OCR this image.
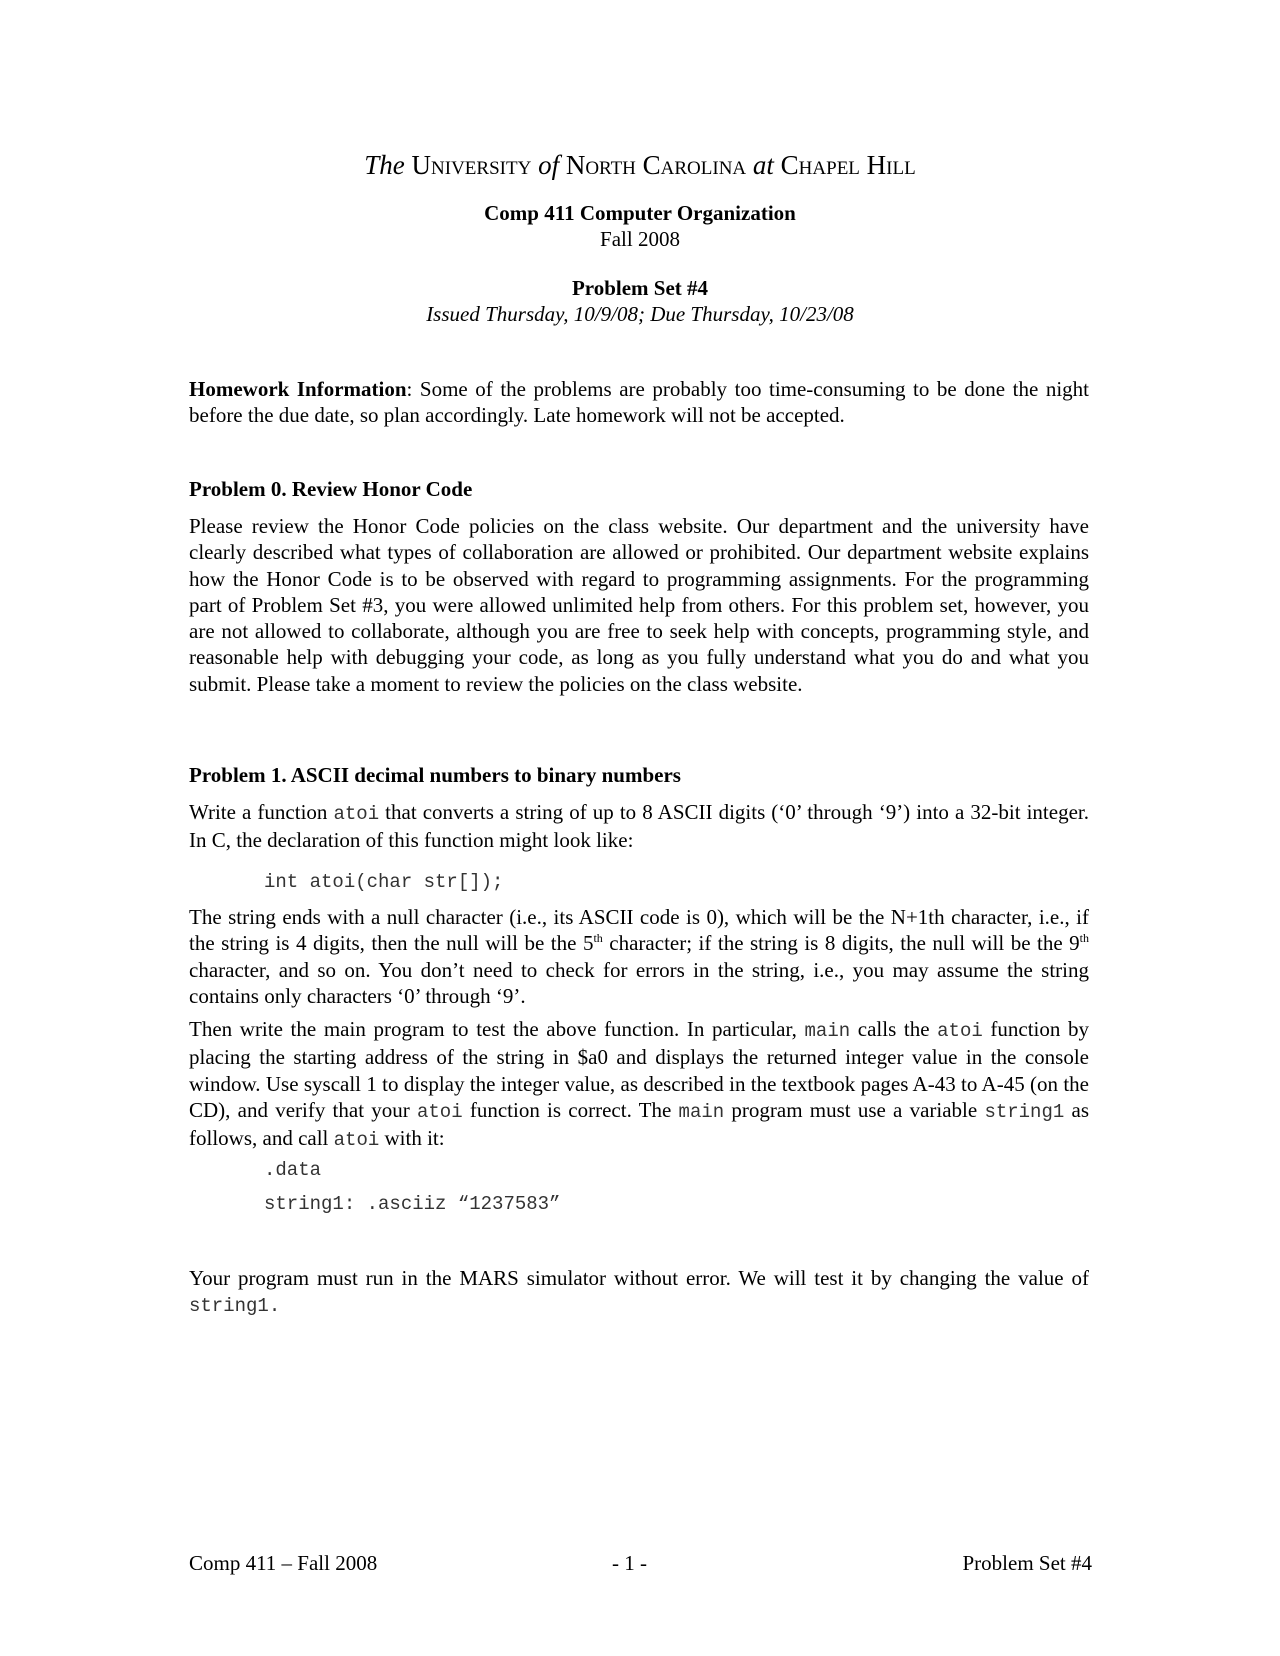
The University of North Carolina at Chapel Hill
Comp 411 Computer Organization
Fall 2008
Problem Set #4
Issued Thursday, 10/9/08; Due Thursday, 10/23/08

Homework Information: Some of the problems are probably too time-consuming to be done the night before the due date, so plan accordingly. Late homework will not be accepted.

Problem 0. Review Honor Code

Please review the Honor Code policies on the class website. Our department and the university have clearly described what types of collaboration are allowed or prohibited. Our department website explains how the Honor Code is to be observed with regard to programming assignments. For the programming part of Problem Set #3, you were allowed unlimited help from others. For this problem set, however, you are not allowed to collaborate, although you are free to seek help with concepts, programming style, and reasonable help with debugging your code, as long as you fully understand what you do and what you submit. Please take a moment to review the policies on the class website.

Problem 1. ASCII decimal numbers to binary numbers

Write a function atoi that converts a string of up to 8 ASCII digits (‘0’ through ‘9’) into a 32-bit integer. In C, the declaration of this function might look like:

int atoi(char str[]);

The string ends with a null character (i.e., its ASCII code is 0), which will be the N+1th character, i.e., if the string is 4 digits, then the null will be the 5th character; if the string is 8 digits, the null will be the 9th character, and so on. You don’t need to check for errors in the string, i.e., you may assume the string contains only characters ‘0’ through ‘9’.

Then write the main program to test the above function. In particular, main calls the atoi function by placing the starting address of the string in $a0 and displays the returned integer value in the console window. Use syscall 1 to display the integer value, as described in the textbook pages A-43 to A-45 (on the CD), and verify that your atoi function is correct. The main program must use a variable string1 as follows, and call atoi with it:

.data
string1: .asciiz “1237583”

Your program must run in the MARS simulator without error. We will test it by changing the value of string1.

Comp 411 – Fall 2008	- 1 -	Problem Set #4
